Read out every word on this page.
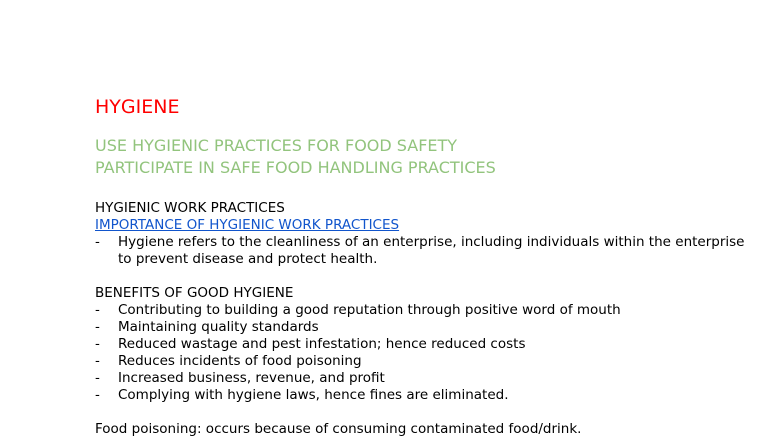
HYGIENE
USE HYGIENIC PRACTICES FOR FOOD SAFETY
PARTICIPATE IN SAFE FOOD HANDLING PRACTICES
HYGIENIC WORK PRACTICES
IMPORTANCE OF HYGIENIC WORK PRACTICES
- Hygiene refers to the cleanliness of an enterprise, including individuals within the enterprise to prevent disease and protect health.
BENEFITS OF GOOD HYGIENE
- Contributing to building a good reputation through positive word of mouth
- Maintaining quality standards
- Reduced wastage and pest infestation; hence reduced costs
- Reduces incidents of food poisoning
- Increased business, revenue, and profit
- Complying with hygiene laws, hence fines are eliminated.
Food poisoning: occurs because of consuming contaminated food/drink.
